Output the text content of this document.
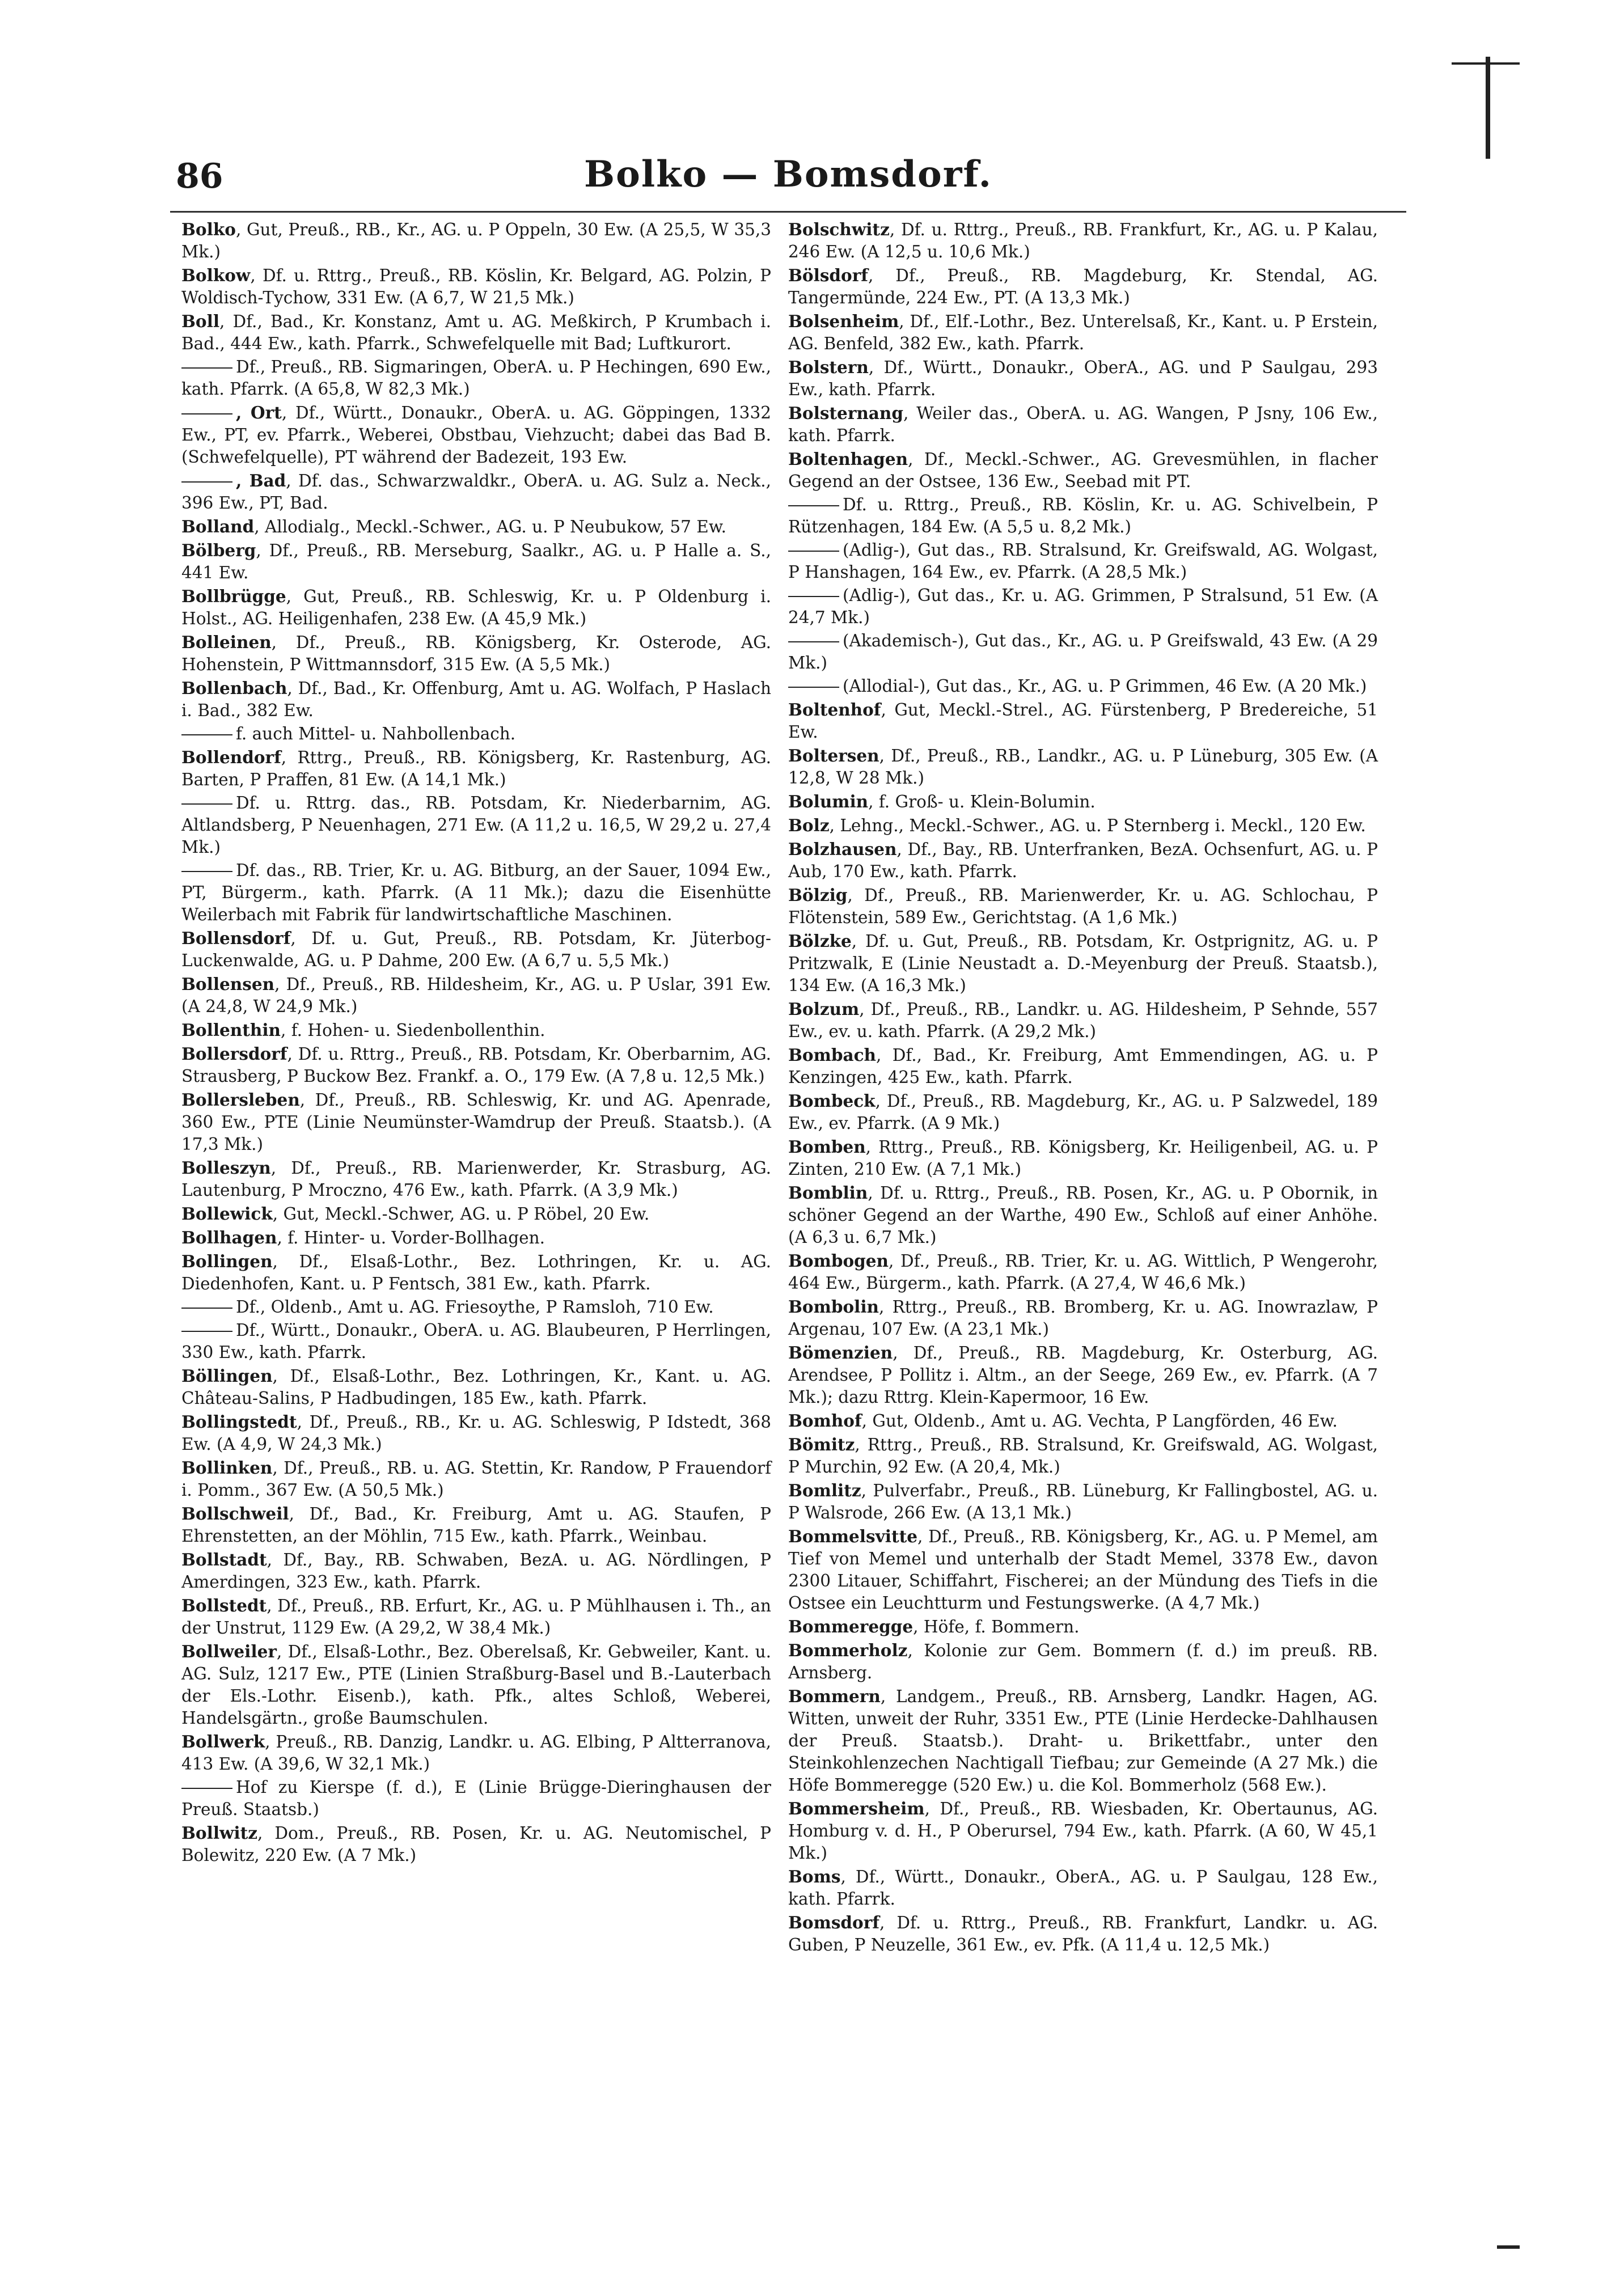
86	Bolko — Bomsdorf.

Bolko, Gut, Preuß., RB., Kr., AG. u. P Oppeln, 30 Ew. (A 25,5, W 35,3 Mk.)

Bolkow, Df. u. Rttrg., Preuß., RB. Köslin, Kr. Belgard, AG. Polzin, P Woldisch-Tychow, 331 Ew. (A 6,7, W 21,5 Mk.)

Boll, Df., Bad., Kr. Konstanz, Amt u. AG. Meßkirch, P Krumbach i. Bad., 444 Ew., kath. Pfarrk., Schwefelquelle mit Bad; Luftkurort.

Df., Preuß., RB. Sigmaringen, OberA. u. P Hechingen, 690 Ew., kath. Pfarrk. (A 65,8, W 82,3 Mk.)

, Ort, Df., Württ., Donaukr., OberA. u. AG. Göppingen, 1332 Ew., PT, ev. Pfarrk., Weberei, Obstbau, Viehzucht; dabei das Bad B. (Schwefelquelle), PT während der Badezeit, 193 Ew.

, Bad, Df. das., Schwarzwaldkr., OberA. u. AG. Sulz a. Neck., 396 Ew., PT, Bad.

Bolland, Allodialg., Meckl.-Schwer., AG. u. P Neubukow, 57 Ew.

Bölberg, Df., Preuß., RB. Merseburg, Saalkr., AG. u. P Halle a. S., 441 Ew.

Bollbrügge, Gut, Preuß., RB. Schleswig, Kr. u. P Oldenburg i. Holst., AG. Heiligenhafen, 238 Ew. (A 45,9 Mk.)

Bolleinen, Df., Preuß., RB. Königsberg, Kr. Osterode, AG. Hohenstein, P Wittmannsdorf, 315 Ew. (A 5,5 Mk.)

Bollenbach, Df., Bad., Kr. Offenburg, Amt u. AG. Wolfach, P Haslach i. Bad., 382 Ew.

f. auch Mittel- u. Nahbollenbach.

Bollendorf, Rttrg., Preuß., RB. Königsberg, Kr. Rastenburg, AG. Barten, P Praffen, 81 Ew. (A 14,1 Mk.)

Df. u. Rttrg. das., RB. Potsdam, Kr. Niederbarnim, AG. Altlandsberg, P Neuenhagen, 271 Ew. (A 11,2 u. 16,5, W 29,2 u. 27,4 Mk.)

Df. das., RB. Trier, Kr. u. AG. Bitburg, an der Sauer, 1094 Ew., PT, Bürgerm., kath. Pfarrk. (A 11 Mk.); dazu die Eisenhütte Weilerbach mit Fabrik für landwirtschaftliche Maschinen.

Bollensdorf, Df. u. Gut, Preuß., RB. Potsdam, Kr. Jüterbog-Luckenwalde, AG. u. P Dahme, 200 Ew. (A 6,7 u. 5,5 Mk.)

Bollensen, Df., Preuß., RB. Hildesheim, Kr., AG. u. P Uslar, 391 Ew. (A 24,8, W 24,9 Mk.)

Bollenthin, f. Hohen- u. Siedenbollenthin.

Bollersdorf, Df. u. Rttrg., Preuß., RB. Potsdam, Kr. Oberbarnim, AG. Strausberg, P Buckow Bez. Frankf. a. O., 179 Ew. (A 7,8 u. 12,5 Mk.)

Bollersleben, Df., Preuß., RB. Schleswig, Kr. und AG. Apenrade, 360 Ew., PTE (Linie Neumünster-Wamdrup der Preuß. Staatsb.). (A 17,3 Mk.)

Bolleszyn, Df., Preuß., RB. Marienwerder, Kr. Strasburg, AG. Lautenburg, P Mroczno, 476 Ew., kath. Pfarrk. (A 3,9 Mk.)

Bollewick, Gut, Meckl.-Schwer, AG. u. P Röbel, 20 Ew.

Bollhagen, f. Hinter- u. Vorder-Bollhagen.

Bollingen, Df., Elsaß-Lothr., Bez. Lothringen, Kr. u. AG. Diedenhofen, Kant. u. P Fentsch, 381 Ew., kath. Pfarrk.

Df., Oldenb., Amt u. AG. Friesoythe, P Ramsloh, 710 Ew.

Df., Württ., Donaukr., OberA. u. AG. Blaubeuren, P Herrlingen, 330 Ew., kath. Pfarrk.

Böllingen, Df., Elsaß-Lothr., Bez. Lothringen, Kr., Kant. u. AG. Château-Salins, P Hadbudingen, 185 Ew., kath. Pfarrk.

Bollingstedt, Df., Preuß., RB., Kr. u. AG. Schleswig, P Idstedt, 368 Ew. (A 4,9, W 24,3 Mk.)

Bollinken, Df., Preuß., RB. u. AG. Stettin, Kr. Randow, P Frauendorf i. Pomm., 367 Ew. (A 50,5 Mk.)

Bollschweil, Df., Bad., Kr. Freiburg, Amt u. AG. Staufen, P Ehrenstetten, an der Möhlin, 715 Ew., kath. Pfarrk., Weinbau.

Bollstadt, Df., Bay., RB. Schwaben, BezA. u. AG. Nördlingen, P Amerdingen, 323 Ew., kath. Pfarrk.

Bollstedt, Df., Preuß., RB. Erfurt, Kr., AG. u. P Mühlhausen i. Th., an der Unstrut, 1129 Ew. (A 29,2, W 38,4 Mk.)

Bollweiler, Df., Elsaß-Lothr., Bez. Oberelsaß, Kr. Gebweiler, Kant. u. AG. Sulz, 1217 Ew., PTE (Linien Straßburg-Basel und B.-Lauterbach der Els.-Lothr. Eisenb.), kath. Pfk., altes Schloß, Weberei, Handelsgärtn., große Baumschulen.

Bollwerk, Preuß., RB. Danzig, Landkr. u. AG. Elbing, P Altterranova, 413 Ew. (A 39,6, W 32,1 Mk.)

Hof zu Kierspe (f. d.), E (Linie Brügge-Dieringhausen der Preuß. Staatsb.)

Bollwitz, Dom., Preuß., RB. Posen, Kr. u. AG. Neutomischel, P Bolewitz, 220 Ew. (A 7 Mk.)

Bolschwitz, Df. u. Rttrg., Preuß., RB. Frankfurt, Kr., AG. u. P Kalau, 246 Ew. (A 12,5 u. 10,6 Mk.)

Bölsdorf, Df., Preuß., RB. Magdeburg, Kr. Stendal, AG. Tangermünde, 224 Ew., PT. (A 13,3 Mk.)

Bolsenheim, Df., Elf.-Lothr., Bez. Unterelsaß, Kr., Kant. u. P Erstein, AG. Benfeld, 382 Ew., kath. Pfarrk.

Bolstern, Df., Württ., Donaukr., OberA., AG. und P Saulgau, 293 Ew., kath. Pfarrk.

Bolsternang, Weiler das., OberA. u. AG. Wangen, P Jsny, 106 Ew., kath. Pfarrk.

Boltenhagen, Df., Meckl.-Schwer., AG. Grevesmühlen, in flacher Gegend an der Ostsee, 136 Ew., Seebad mit PT.

Df. u. Rttrg., Preuß., RB. Köslin, Kr. u. AG. Schivelbein, P Rützenhagen, 184 Ew. (A 5,5 u. 8,2 Mk.)

(Adlig-), Gut das., RB. Stralsund, Kr. Greifswald, AG. Wolgast, P Hanshagen, 164 Ew., ev. Pfarrk. (A 28,5 Mk.)

(Adlig-), Gut das., Kr. u. AG. Grimmen, P Stralsund, 51 Ew. (A 24,7 Mk.)

(Akademisch-), Gut das., Kr., AG. u. P Greifswald, 43 Ew. (A 29 Mk.)

(Allodial-), Gut das., Kr., AG. u. P Grimmen, 46 Ew. (A 20 Mk.)

Boltenhof, Gut, Meckl.-Strel., AG. Fürstenberg, P Bredereiche, 51 Ew.

Boltersen, Df., Preuß., RB., Landkr., AG. u. P Lüneburg, 305 Ew. (A 12,8, W 28 Mk.)

Bolumin, f. Groß- u. Klein-Bolumin.

Bolz, Lehng., Meckl.-Schwer., AG. u. P Sternberg i. Meckl., 120 Ew.

Bolzhausen, Df., Bay., RB. Unterfranken, BezA. Ochsenfurt, AG. u. P Aub, 170 Ew., kath. Pfarrk.

Bölzig, Df., Preuß., RB. Marienwerder, Kr. u. AG. Schlochau, P Flötenstein, 589 Ew., Gerichtstag. (A 1,6 Mk.)

Bölzke, Df. u. Gut, Preuß., RB. Potsdam, Kr. Ostprignitz, AG. u. P Pritzwalk, E (Linie Neustadt a. D.-Meyenburg der Preuß. Staatsb.), 134 Ew. (A 16,3 Mk.)

Bolzum, Df., Preuß., RB., Landkr. u. AG. Hildesheim, P Sehnde, 557 Ew., ev. u. kath. Pfarrk. (A 29,2 Mk.)

Bombach, Df., Bad., Kr. Freiburg, Amt Emmendingen, AG. u. P Kenzingen, 425 Ew., kath. Pfarrk.

Bombeck, Df., Preuß., RB. Magdeburg, Kr., AG. u. P Salzwedel, 189 Ew., ev. Pfarrk. (A 9 Mk.)

Bomben, Rttrg., Preuß., RB. Königsberg, Kr. Heiligenbeil, AG. u. P Zinten, 210 Ew. (A 7,1 Mk.)

Bomblin, Df. u. Rttrg., Preuß., RB. Posen, Kr., AG. u. P Obornik, in schöner Gegend an der Warthe, 490 Ew., Schloß auf einer Anhöhe. (A 6,3 u. 6,7 Mk.)

Bombogen, Df., Preuß., RB. Trier, Kr. u. AG. Wittlich, P Wengerohr, 464 Ew., Bürgerm., kath. Pfarrk. (A 27,4, W 46,6 Mk.)

Bombolin, Rttrg., Preuß., RB. Bromberg, Kr. u. AG. Inowrazlaw, P Argenau, 107 Ew. (A 23,1 Mk.)

Bömenzien, Df., Preuß., RB. Magdeburg, Kr. Osterburg, AG. Arendsee, P Pollitz i. Altm., an der Seege, 269 Ew., ev. Pfarrk. (A 7 Mk.); dazu Rttrg. Klein-Kapermoor, 16 Ew.

Bomhof, Gut, Oldenb., Amt u. AG. Vechta, P Langförden, 46 Ew.

Bömitz, Rttrg., Preuß., RB. Stralsund, Kr. Greifswald, AG. Wolgast, P Murchin, 92 Ew. (A 20,4, Mk.)

Bomlitz, Pulverfabr., Preuß., RB. Lüneburg, Kr Fallingbostel, AG. u. P Walsrode, 266 Ew. (A 13,1 Mk.)

Bommelsvitte, Df., Preuß., RB. Königsberg, Kr., AG. u. P Memel, am Tief von Memel und unterhalb der Stadt Memel, 3378 Ew., davon 2300 Litauer, Schiffahrt, Fischerei; an der Mündung des Tiefs in die Ostsee ein Leuchtturm und Festungswerke. (A 4,7 Mk.)

Bommeregge, Höfe, f. Bommern.

Bommerholz, Kolonie zur Gem. Bommern (f. d.) im preuß. RB. Arnsberg.

Bommern, Landgem., Preuß., RB. Arnsberg, Landkr. Hagen, AG. Witten, unweit der Ruhr, 3351 Ew., PTE (Linie Herdecke-Dahlhausen der Preuß. Staatsb.). Draht- u. Brikettfabr., unter den Steinkohlenzechen Nachtigall Tiefbau; zur Gemeinde (A 27 Mk.) die Höfe Bommeregge (520 Ew.) u. die Kol. Bommerholz (568 Ew.).

Bommersheim, Df., Preuß., RB. Wiesbaden, Kr. Obertaunus, AG. Homburg v. d. H., P Oberursel, 794 Ew., kath. Pfarrk. (A 60, W 45,1 Mk.)

Boms, Df., Württ., Donaukr., OberA., AG. u. P Saulgau, 128 Ew., kath. Pfarrk.

Bomsdorf, Df. u. Rttrg., Preuß., RB. Frankfurt, Landkr. u. AG. Guben, P Neuzelle, 361 Ew., ev. Pfk. (A 11,4 u. 12,5 Mk.)
